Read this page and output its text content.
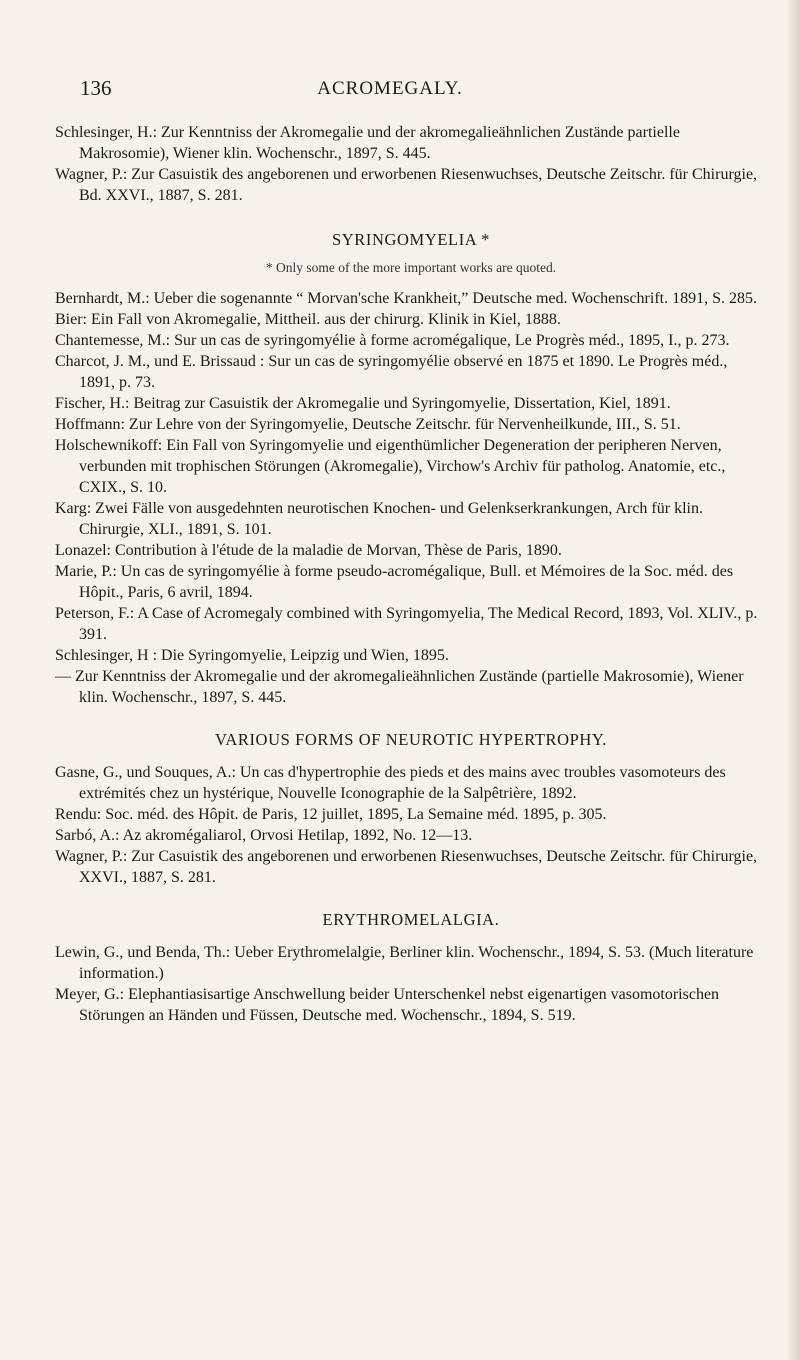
136	ACROMEGALY.

Schlesinger, H.: Zur Kenntniss der Akromegalie und der akromegalieähnlichen Zustände partielle Makrosomie), Wiener klin. Wochenschr., 1897, S. 445.

Wagner, P.: Zur Casuistik des angeborenen und erworbenen Riesenwuchses, Deutsche Zeitschr. für Chirurgie, Bd. XXVI., 1887, S. 281.

SYRINGOMYELIA *

* Only some of the more important works are quoted.

Bernhardt, M.: Ueber die sogenannte “ Morvan'sche Krankheit,” Deutsche med. Wochenschrift. 1891, S. 285.

Bier: Ein Fall von Akromegalie, Mittheil. aus der chirurg. Klinik in Kiel, 1888.

Chantemesse, M.: Sur un cas de syringomyélie à forme acromégalique, Le Progrès méd., 1895, I., p. 273.

Charcot, J. M., und E. Brissaud : Sur un cas de syringomyélie observé en 1875 et 1890. Le Progrès méd., 1891, p. 73.

Fischer, H.: Beitrag zur Casuistik der Akromegalie und Syringomyelie, Dissertation, Kiel, 1891.

Hoffmann: Zur Lehre von der Syringomyelie, Deutsche Zeitschr. für Nervenheilkunde, III., S. 51.

Holschewnikoff: Ein Fall von Syringomyelie und eigenthümlicher Degeneration der peripheren Nerven, verbunden mit trophischen Störungen (Akromegalie), Virchow's Archiv für patholog. Anatomie, etc., CXIX., S. 10.

Karg: Zwei Fälle von ausgedehnten neurotischen Knochen- und Gelenkserkrankungen, Arch für klin. Chirurgie, XLI., 1891, S. 101.

Lonazel: Contribution à l'étude de la maladie de Morvan, Thèse de Paris, 1890.

Marie, P.: Un cas de syringomyélie à forme pseudo-acromégalique, Bull. et Mémoires de la Soc. méd. des Hôpit., Paris, 6 avril, 1894.

Peterson, F.: A Case of Acromegaly combined with Syringomyelia, The Medical Record, 1893, Vol. XLIV., p. 391.

Schlesinger, H : Die Syringomyelie, Leipzig und Wien, 1895.

— Zur Kenntniss der Akromegalie und der akromegalieähnlichen Zustände (partielle Makrosomie), Wiener klin. Wochenschr., 1897, S. 445.

VARIOUS FORMS OF NEUROTIC HYPERTROPHY.

Gasne, G., und Souques, A.: Un cas d'hypertrophie des pieds et des mains avec troubles vasomoteurs des extrémités chez un hystérique, Nouvelle Iconographie de la Salpêtrière, 1892.

Rendu: Soc. méd. des Hôpit. de Paris, 12 juillet, 1895, La Semaine méd. 1895, p. 305.

Sarbó, A.: Az akromégaliarol, Orvosi Hetilap, 1892, No. 12—13.

Wagner, P.: Zur Casuistik des angeborenen und erworbenen Riesenwuchses, Deutsche Zeitschr. für Chirurgie, XXVI., 1887, S. 281.

ERYTHROMELALGIA.

Lewin, G., und Benda, Th.: Ueber Erythromelalgie, Berliner klin. Wochenschr., 1894, S. 53. (Much literature information.)

Meyer, G.: Elephantiasisartige Anschwellung beider Unterschenkel nebst eigenartigen vasomotorischen Störungen an Händen und Füssen, Deutsche med. Wochenschr., 1894, S. 519.
